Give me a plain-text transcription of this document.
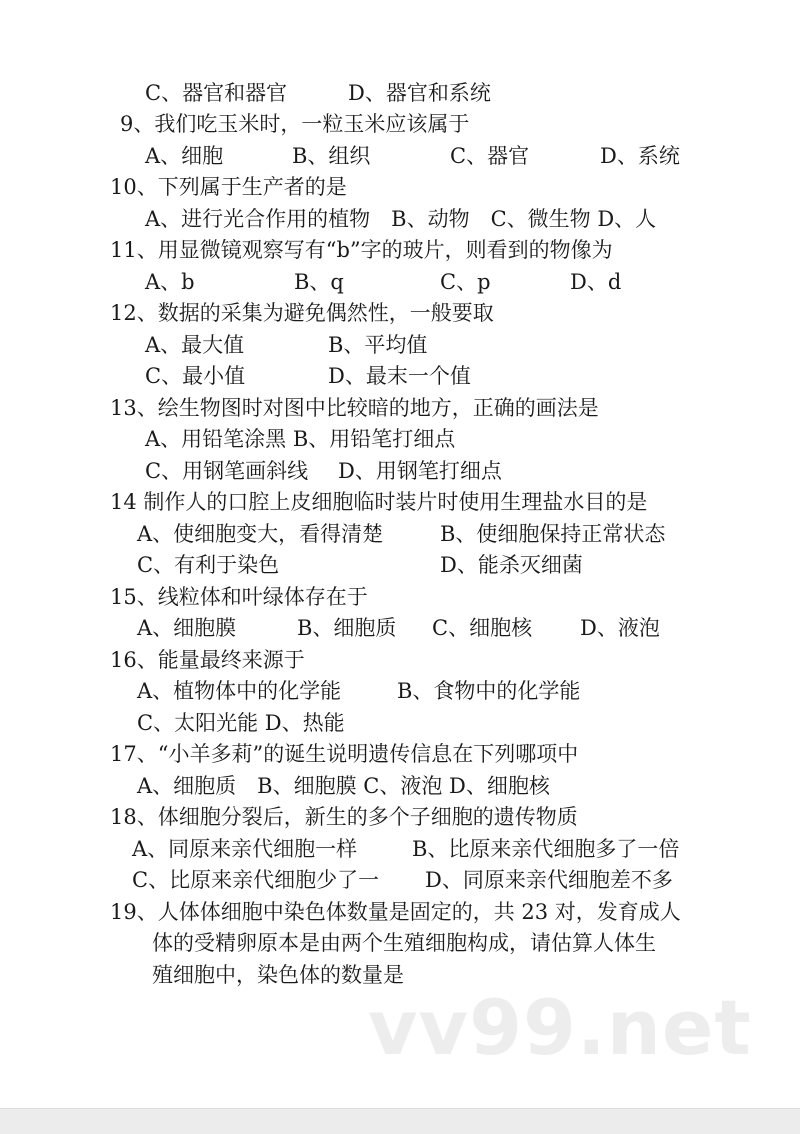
C、器官和器官	D、器官和系统
9、我们吃玉米时，一粒玉米应该属于
A、细胞	B、组织	C、器官	D、系统
10、下列属于生产者的是
A、进行光合作用的植物　B、动物　C、微生物 D、人
11、用显微镜观察写有“b”字的玻片，则看到的物像为
A、b	B、q	C、p	D、d
12、数据的采集为避免偶然性，一般要取
A、最大值	B、平均值
C、最小值	D、最末一个值
13、绘生物图时对图中比较暗的地方，正确的画法是
A、用铅笔涂黑 B、用铅笔打细点
C、用钢笔画斜线 D、用钢笔打细点
14 制作人的口腔上皮细胞临时装片时使用生理盐水目的是
A、使细胞变大，看得清楚	B、使细胞保持正常状态
C、有利于染色	D、能杀灭细菌
15、线粒体和叶绿体存在于
A、细胞膜	B、细胞质 C、细胞核 D、液泡
16、能量最终来源于
A、植物体中的化学能	B、食物中的化学能
C、太阳光能 D、热能
17、“小羊多莉”的诞生说明遗传信息在下列哪项中
A、细胞质　B、细胞膜 C、液泡 D、细胞核
18、体细胞分裂后，新生的多个子细胞的遗传物质
A、同原来亲代细胞一样	B、比原来亲代细胞多了一倍
C、比原来亲代细胞少了一 D、同原来亲代细胞差不多
19、人体体细胞中染色体数量是固定的，共 23 对，发育成人
体的受精卵原本是由两个生殖细胞构成，请估算人体生
殖细胞中，染色体的数量是
vv99.net
